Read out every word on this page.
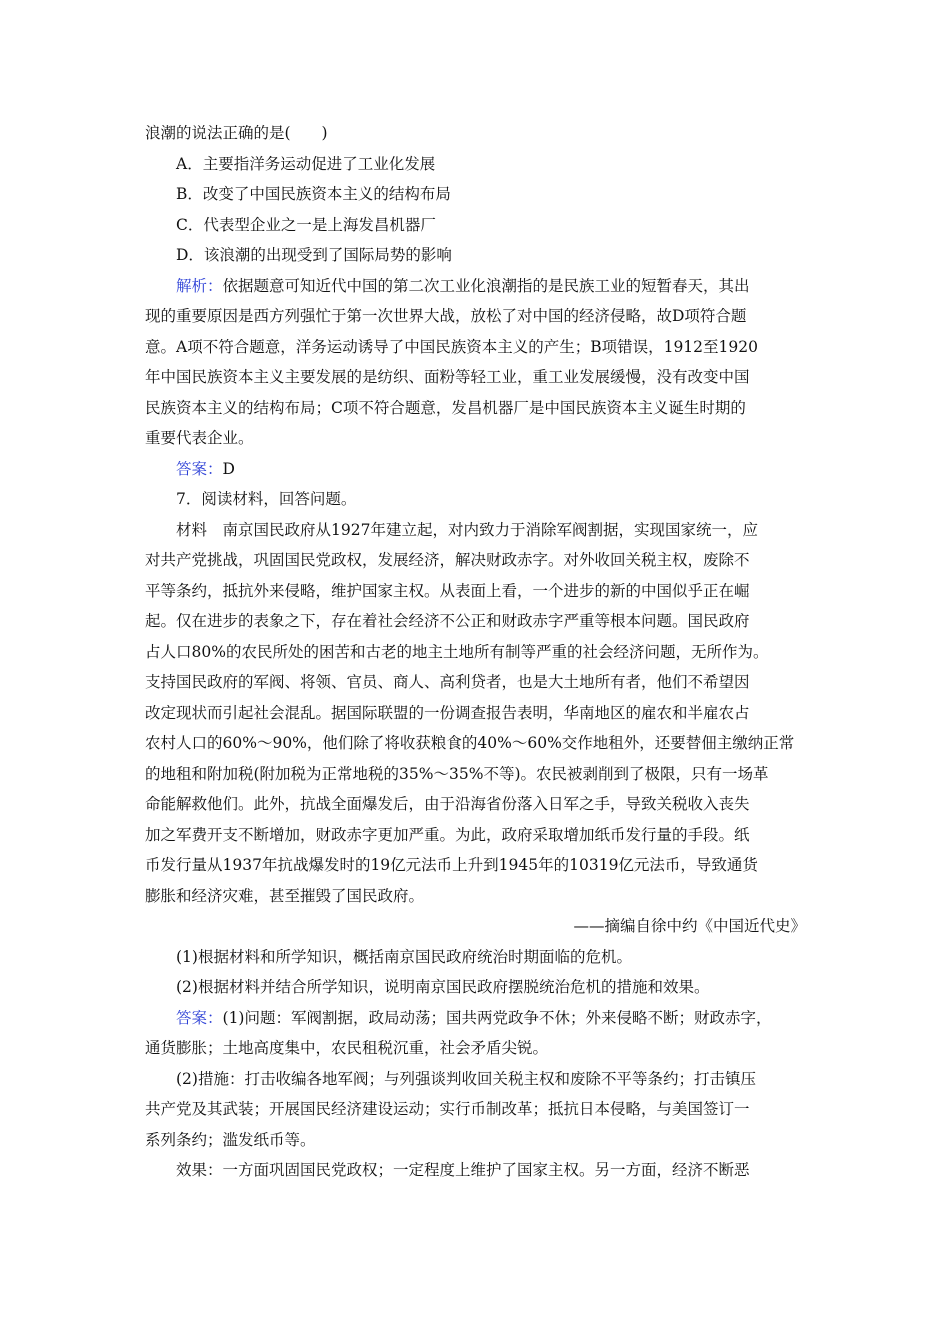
浪潮的说法正确的是(　　)
A．主要指洋务运动促进了工业化发展
B．改变了中国民族资本主义的结构布局
C．代表型企业之一是上海发昌机器厂
D．该浪潮的出现受到了国际局势的影响
解析：依据题意可知近代中国的第二次工业化浪潮指的是民族工业的短暂春天，其出
现的重要原因是西方列强忙于第一次世界大战，放松了对中国的经济侵略，故D项符合题
意。A项不符合题意，洋务运动诱导了中国民族资本主义的产生；B项错误，1912至1920
年中国民族资本主义主要发展的是纺织、面粉等轻工业，重工业发展缓慢，没有改变中国
民族资本主义的结构布局；C项不符合题意，发昌机器厂是中国民族资本主义诞生时期的
重要代表企业。
答案：D
7．阅读材料，回答问题。
材料　南京国民政府从1927年建立起，对内致力于消除军阀割据，实现国家统一，应
对共产党挑战，巩固国民党政权，发展经济，解决财政赤字。对外收回关税主权，废除不
平等条约，抵抗外来侵略，维护国家主权。从表面上看，一个进步的新的中国似乎正在崛
起。仅在进步的表象之下，存在着社会经济不公正和财政赤字严重等根本问题。国民政府
占人口80%的农民所处的困苦和古老的地主土地所有制等严重的社会经济问题，无所作为。
支持国民政府的军阀、将领、官员、商人、高利贷者，也是大土地所有者，他们不希望因
改定现状而引起社会混乱。据国际联盟的一份调查报告表明，华南地区的雇农和半雇农占
农村人口的60%～90%，他们除了将收获粮食的40%～60%交作地租外，还要替佃主缴纳正常
的地租和附加税(附加税为正常地税的35%～35%不等)。农民被剥削到了极限，只有一场革
命能解救他们。此外，抗战全面爆发后，由于沿海省份落入日军之手，导致关税收入丧失
加之军费开支不断增加，财政赤字更加严重。为此，政府采取增加纸币发行量的手段。纸
币发行量从1937年抗战爆发时的19亿元法币上升到1945年的10319亿元法币，导致通货
膨胀和经济灾难，甚至摧毁了国民政府。
——摘编自徐中约《中国近代史》
(1)根据材料和所学知识，概括南京国民政府统治时期面临的危机。
(2)根据材料并结合所学知识，说明南京国民政府摆脱统治危机的措施和效果。
答案：(1)问题：军阀割据，政局动荡；国共两党政争不休；外来侵略不断；财政赤字，
通货膨胀；土地高度集中，农民租税沉重，社会矛盾尖锐。
(2)措施：打击收编各地军阀；与列强谈判收回关税主权和废除不平等条约；打击镇压
共产党及其武装；开展国民经济建设运动；实行币制改革；抵抗日本侵略，与美国签订一
系列条约；滥发纸币等。
效果：一方面巩固国民党政权；一定程度上维护了国家主权。另一方面，经济不断恶
